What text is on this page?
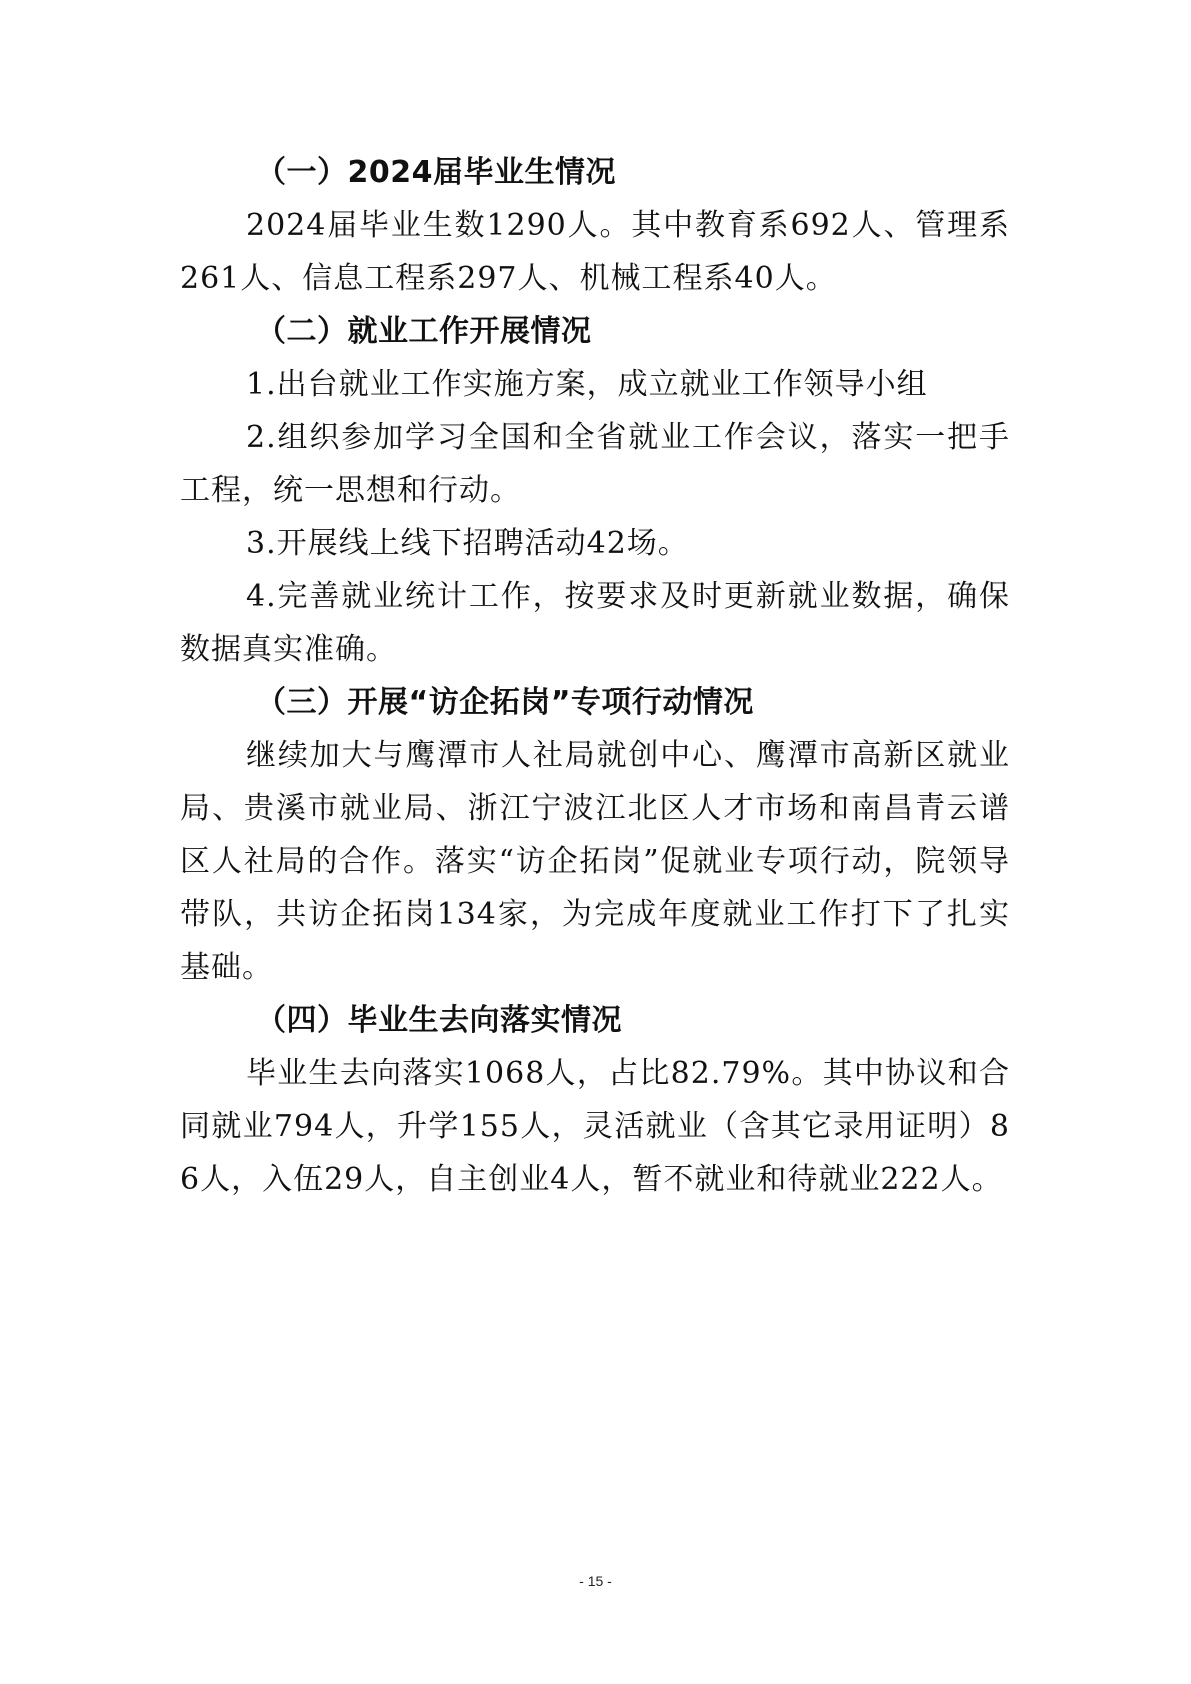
（一）2024届毕业生情况

2024届毕业生数1290人。其中教育系692人、管理系261人、信息工程系297人、机械工程系40人。

（二）就业工作开展情况

1.出台就业工作实施方案，成立就业工作领导小组

2.组织参加学习全国和全省就业工作会议，落实一把手工程，统一思想和行动。

3.开展线上线下招聘活动42场。

4.完善就业统计工作，按要求及时更新就业数据，确保数据真实准确。

（三）开展“访企拓岗”专项行动情况

继续加大与鹰潭市人社局就创中心、鹰潭市高新区就业局、贵溪市就业局、浙江宁波江北区人才市场和南昌青云谱区人社局的合作。落实“访企拓岗”促就业专项行动，院领导带队，共访企拓岗134家，为完成年度就业工作打下了扎实基础。

（四）毕业生去向落实情况

毕业生去向落实1068人，占比82.79%。其中协议和合同就业794人，升学155人，灵活就业（含其它录用证明）86人，入伍29人，自主创业4人，暂不就业和待就业222人。

- 15 -
